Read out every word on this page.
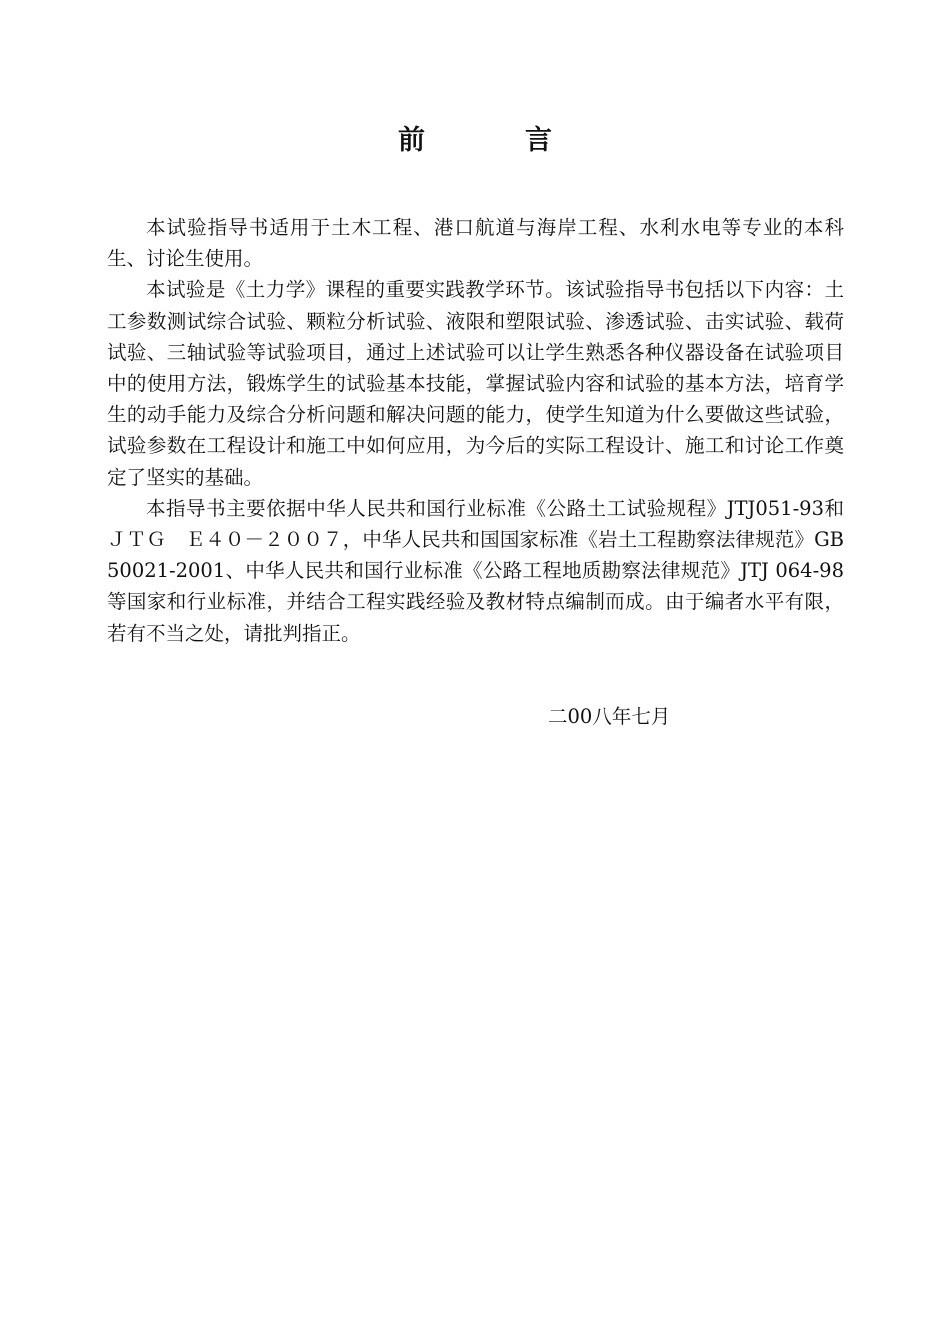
前	言

本试验指导书适用于土木工程、港口航道与海岸工程、水利水电等专业的本科生、讨论生使用。

本试验是《土力学》课程的重要实践教学环节。该试验指导书包括以下内容：土工参数测试综合试验、颗粒分析试验、液限和塑限试验、渗透试验、击实试验、载荷试验、三轴试验等试验项目，通过上述试验可以让学生熟悉各种仪器设备在试验项目中的使用方法，锻炼学生的试验基本技能，掌握试验内容和试验的基本方法，培育学生的动手能力及综合分析问题和解决问题的能力，使学生知道为什么要做这些试验，试验参数在工程设计和施工中如何应用，为今后的实际工程设计、施工和讨论工作奠定了坚实的基础。

本指导书主要依据中华人民共和国行业标准《公路土工试验规程》JTJ051-93和ＪＴＧ　Ｅ４０－２００７，中华人民共和国国家标准《岩土工程勘察法律规范》GB50021-2001、中华人民共和国行业标准《公路工程地质勘察法律规范》JTJ 064-98等国家和行业标准，并结合工程实践经验及教材特点编制而成。由于编者水平有限，若有不当之处，请批判指正。

二00八年七月
